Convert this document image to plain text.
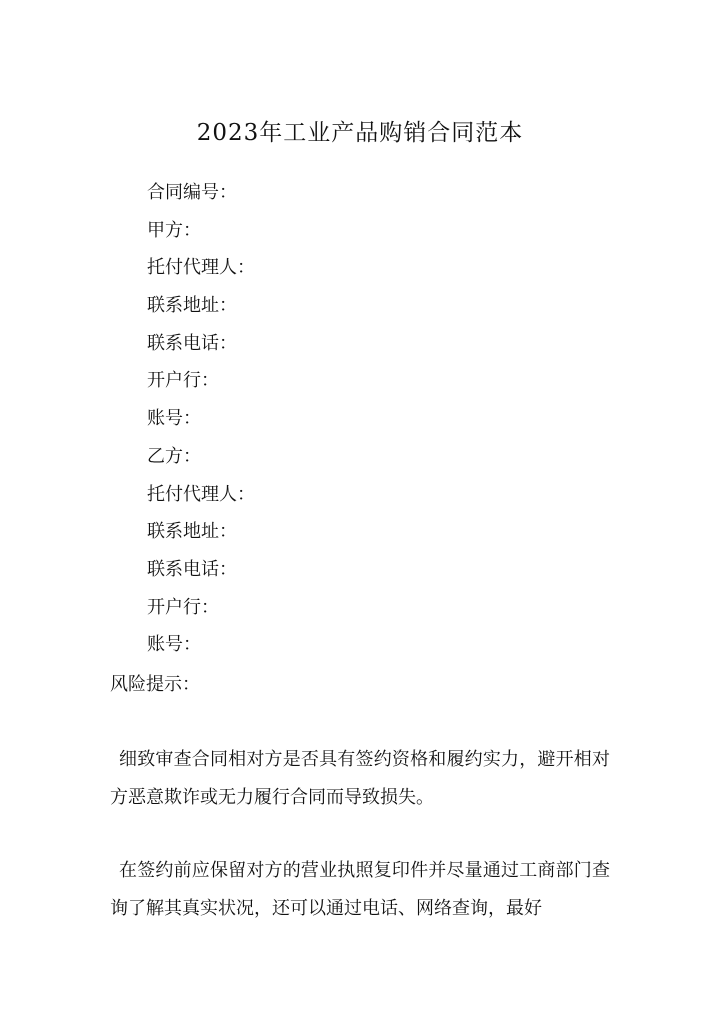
2023年工业产品购销合同范本
合同编号：
甲方：
托付代理人：
联系地址：
联系电话：
开户行：
账号：
乙方：
托付代理人：
联系地址：
联系电话：
开户行：
账号：
风险提示：
细致审查合同相对方是否具有签约资格和履约实力，避开相对方恶意欺诈或无力履行合同而导致损失。
在签约前应保留对方的营业执照复印件并尽量通过工商部门查询了解其真实状况，还可以通过电话、网络查询，最好
